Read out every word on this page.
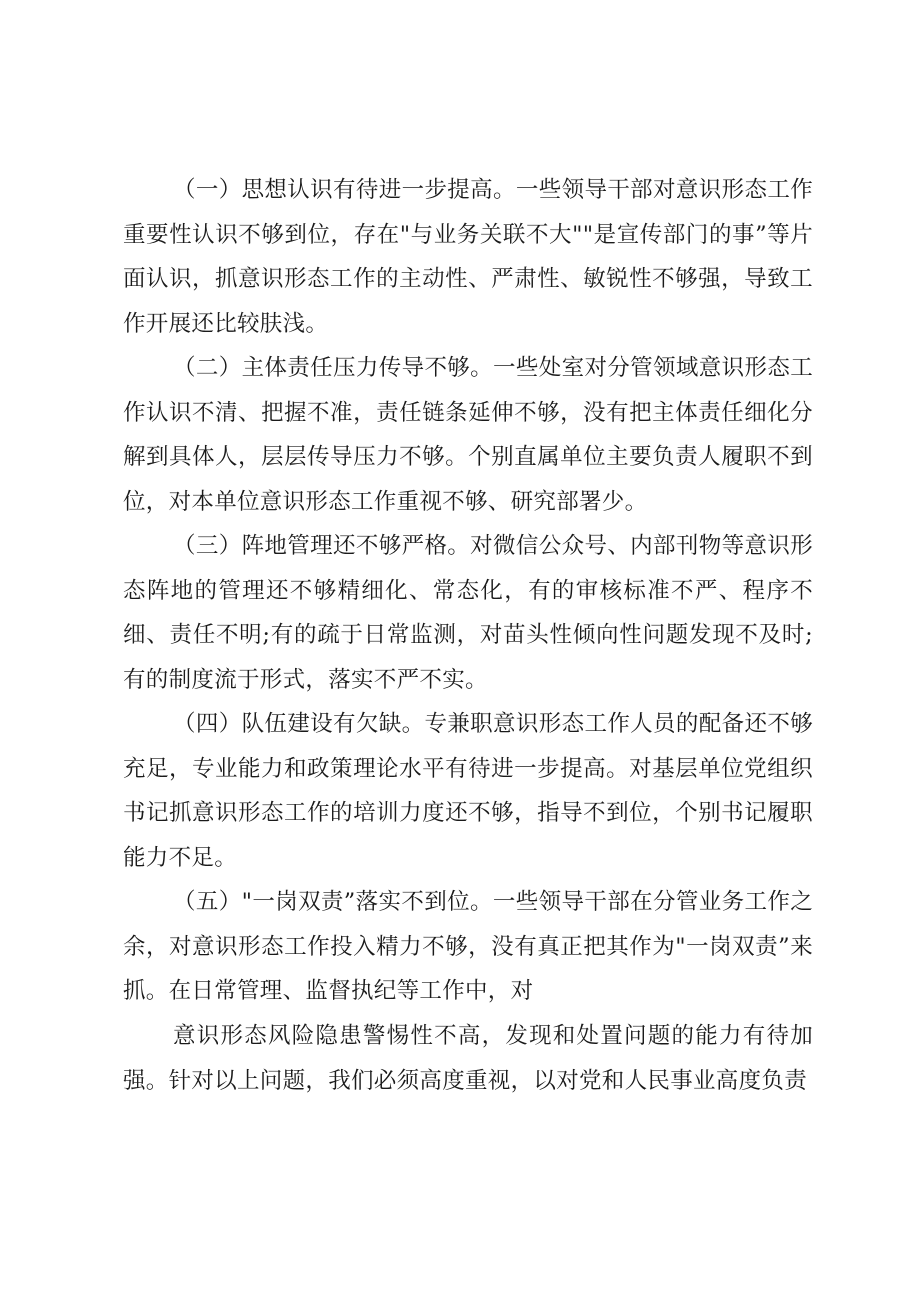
（一）思想认识有待进一步提高。一些领导干部对意识形态工作重要性认识不够到位，存在"与业务关联不大""是宣传部门的事”等片面认识，抓意识形态工作的主动性、严肃性、敏锐性不够强，导致工作开展还比较肤浅。

（二）主体责任压力传导不够。一些处室对分管领域意识形态工作认识不清、把握不准，责任链条延伸不够，没有把主体责任细化分解到具体人，层层传导压力不够。个别直属单位主要负责人履职不到位，对本单位意识形态工作重视不够、研究部署少。

（三）阵地管理还不够严格。对微信公众号、内部刊物等意识形态阵地的管理还不够精细化、常态化，有的审核标准不严、程序不细、责任不明;有的疏于日常监测，对苗头性倾向性问题发现不及时;有的制度流于形式，落实不严不实。

（四）队伍建设有欠缺。专兼职意识形态工作人员的配备还不够充足，专业能力和政策理论水平有待进一步提高。对基层单位党组织书记抓意识形态工作的培训力度还不够，指导不到位，个别书记履职能力不足。

（五）"一岗双责”落实不到位。一些领导干部在分管业务工作之余，对意识形态工作投入精力不够，没有真正把其作为"一岗双责”来抓。在日常管理、监督执纪等工作中，对

意识形态风险隐患警惕性不高，发现和处置问题的能力有待加强。针对以上问题，我们必须高度重视，以对党和人民事业高度负责
